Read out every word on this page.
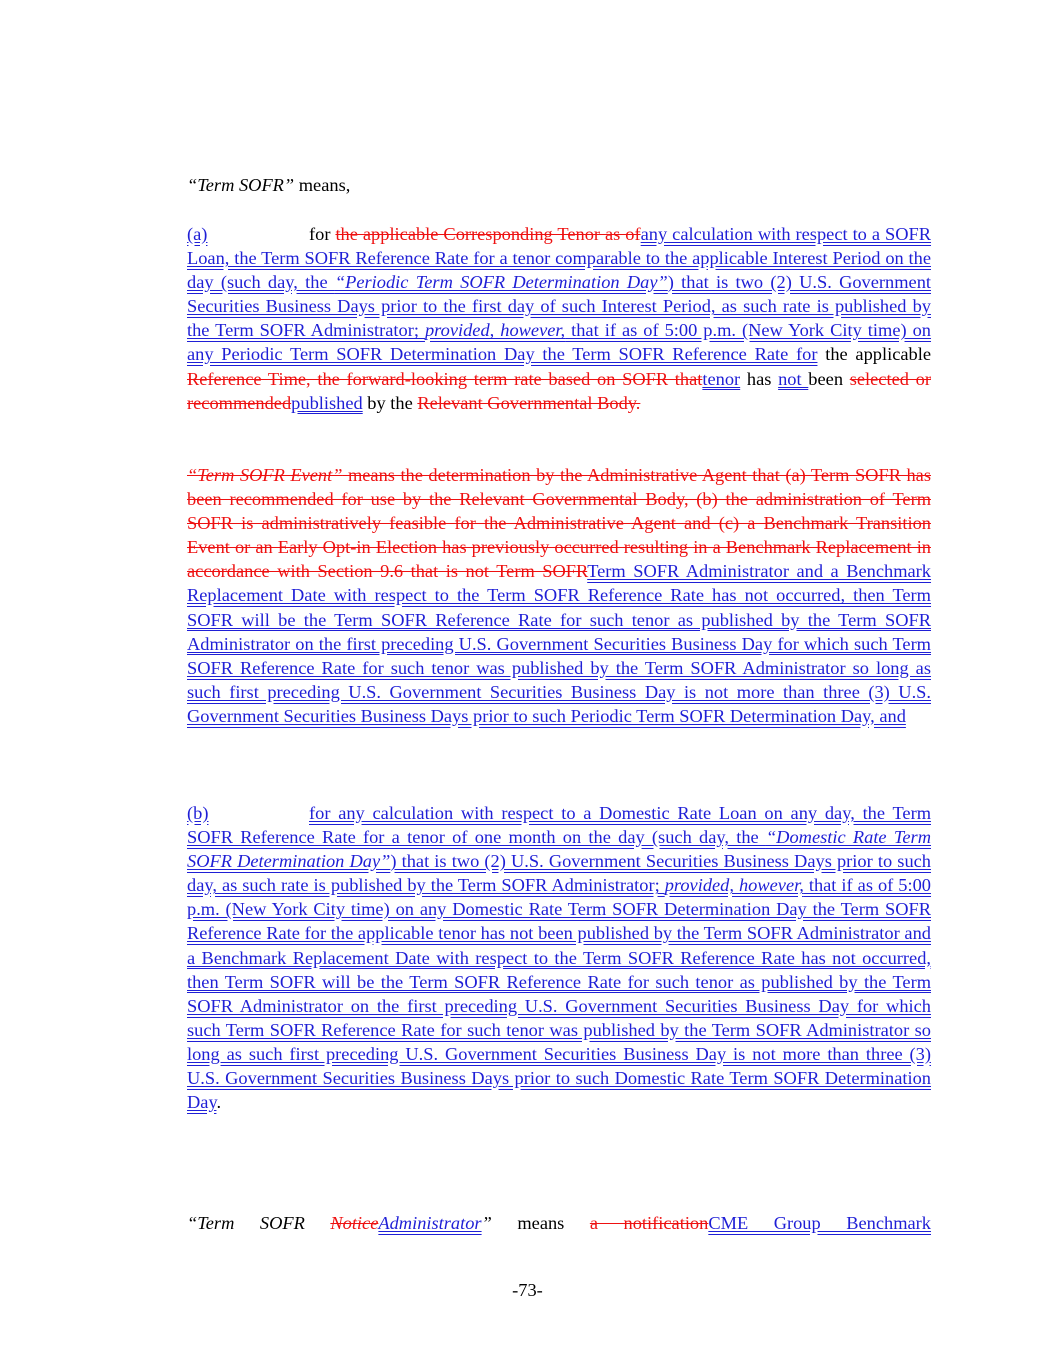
“Term SOFR” means,

(a)	for the applicable Corresponding Tenor as ofany calculation with respect to a SOFR Loan, the Term SOFR Reference Rate for a tenor comparable to the applicable Interest Period on the day (such day, the “Periodic Term SOFR Determination Day”) that is two (2) U.S. Government Securities Business Days prior to the first day of such Interest Period, as such rate is published by the Term SOFR Administrator; provided, however, that if as of 5:00 p.m. (New York City time) on any Periodic Term SOFR Determination Day the Term SOFR Reference Rate for the applicable Reference Time, the forward-looking term rate based on SOFR thattenor has not been selected or recommendedpublished by the Relevant Governmental Body.

“Term SOFR Event” means the determination by the Administrative Agent that (a) Term SOFR has been recommended for use by the Relevant Governmental Body, (b) the administration of Term SOFR is administratively feasible for the Administrative Agent and (c) a Benchmark Transition Event or an Early Opt-in Election has previously occurred resulting in a Benchmark Replacement in accordance with Section 9.6 that is not Term SOFRTerm SOFR Administrator and a Benchmark Replacement Date with respect to the Term SOFR Reference Rate has not occurred, then Term SOFR will be the Term SOFR Reference Rate for such tenor as published by the Term SOFR Administrator on the first preceding U.S. Government Securities Business Day for which such Term SOFR Reference Rate for such tenor was published by the Term SOFR Administrator so long as such first preceding U.S. Government Securities Business Day is not more than three (3) U.S. Government Securities Business Days prior to such Periodic Term SOFR Determination Day, and

(b)	for any calculation with respect to a Domestic Rate Loan on any day, the Term SOFR Reference Rate for a tenor of one month on the day (such day, the “Domestic Rate Term SOFR Determination Day”) that is two (2) U.S. Government Securities Business Days prior to such day, as such rate is published by the Term SOFR Administrator; provided, however, that if as of 5:00 p.m. (New York City time) on any Domestic Rate Term SOFR Determination Day the Term SOFR Reference Rate for the applicable tenor has not been published by the Term SOFR Administrator and a Benchmark Replacement Date with respect to the Term SOFR Reference Rate has not occurred, then Term SOFR will be the Term SOFR Reference Rate for such tenor as published by the Term SOFR Administrator on the first preceding U.S. Government Securities Business Day for which such Term SOFR Reference Rate for such tenor was published by the Term SOFR Administrator so long as such first preceding U.S. Government Securities Business Day is not more than three (3) U.S. Government Securities Business Days prior to such Domestic Rate Term SOFR Determination Day.

“Term SOFR NoticeAdministrator” means a notificationCME Group Benchmark

-73-
